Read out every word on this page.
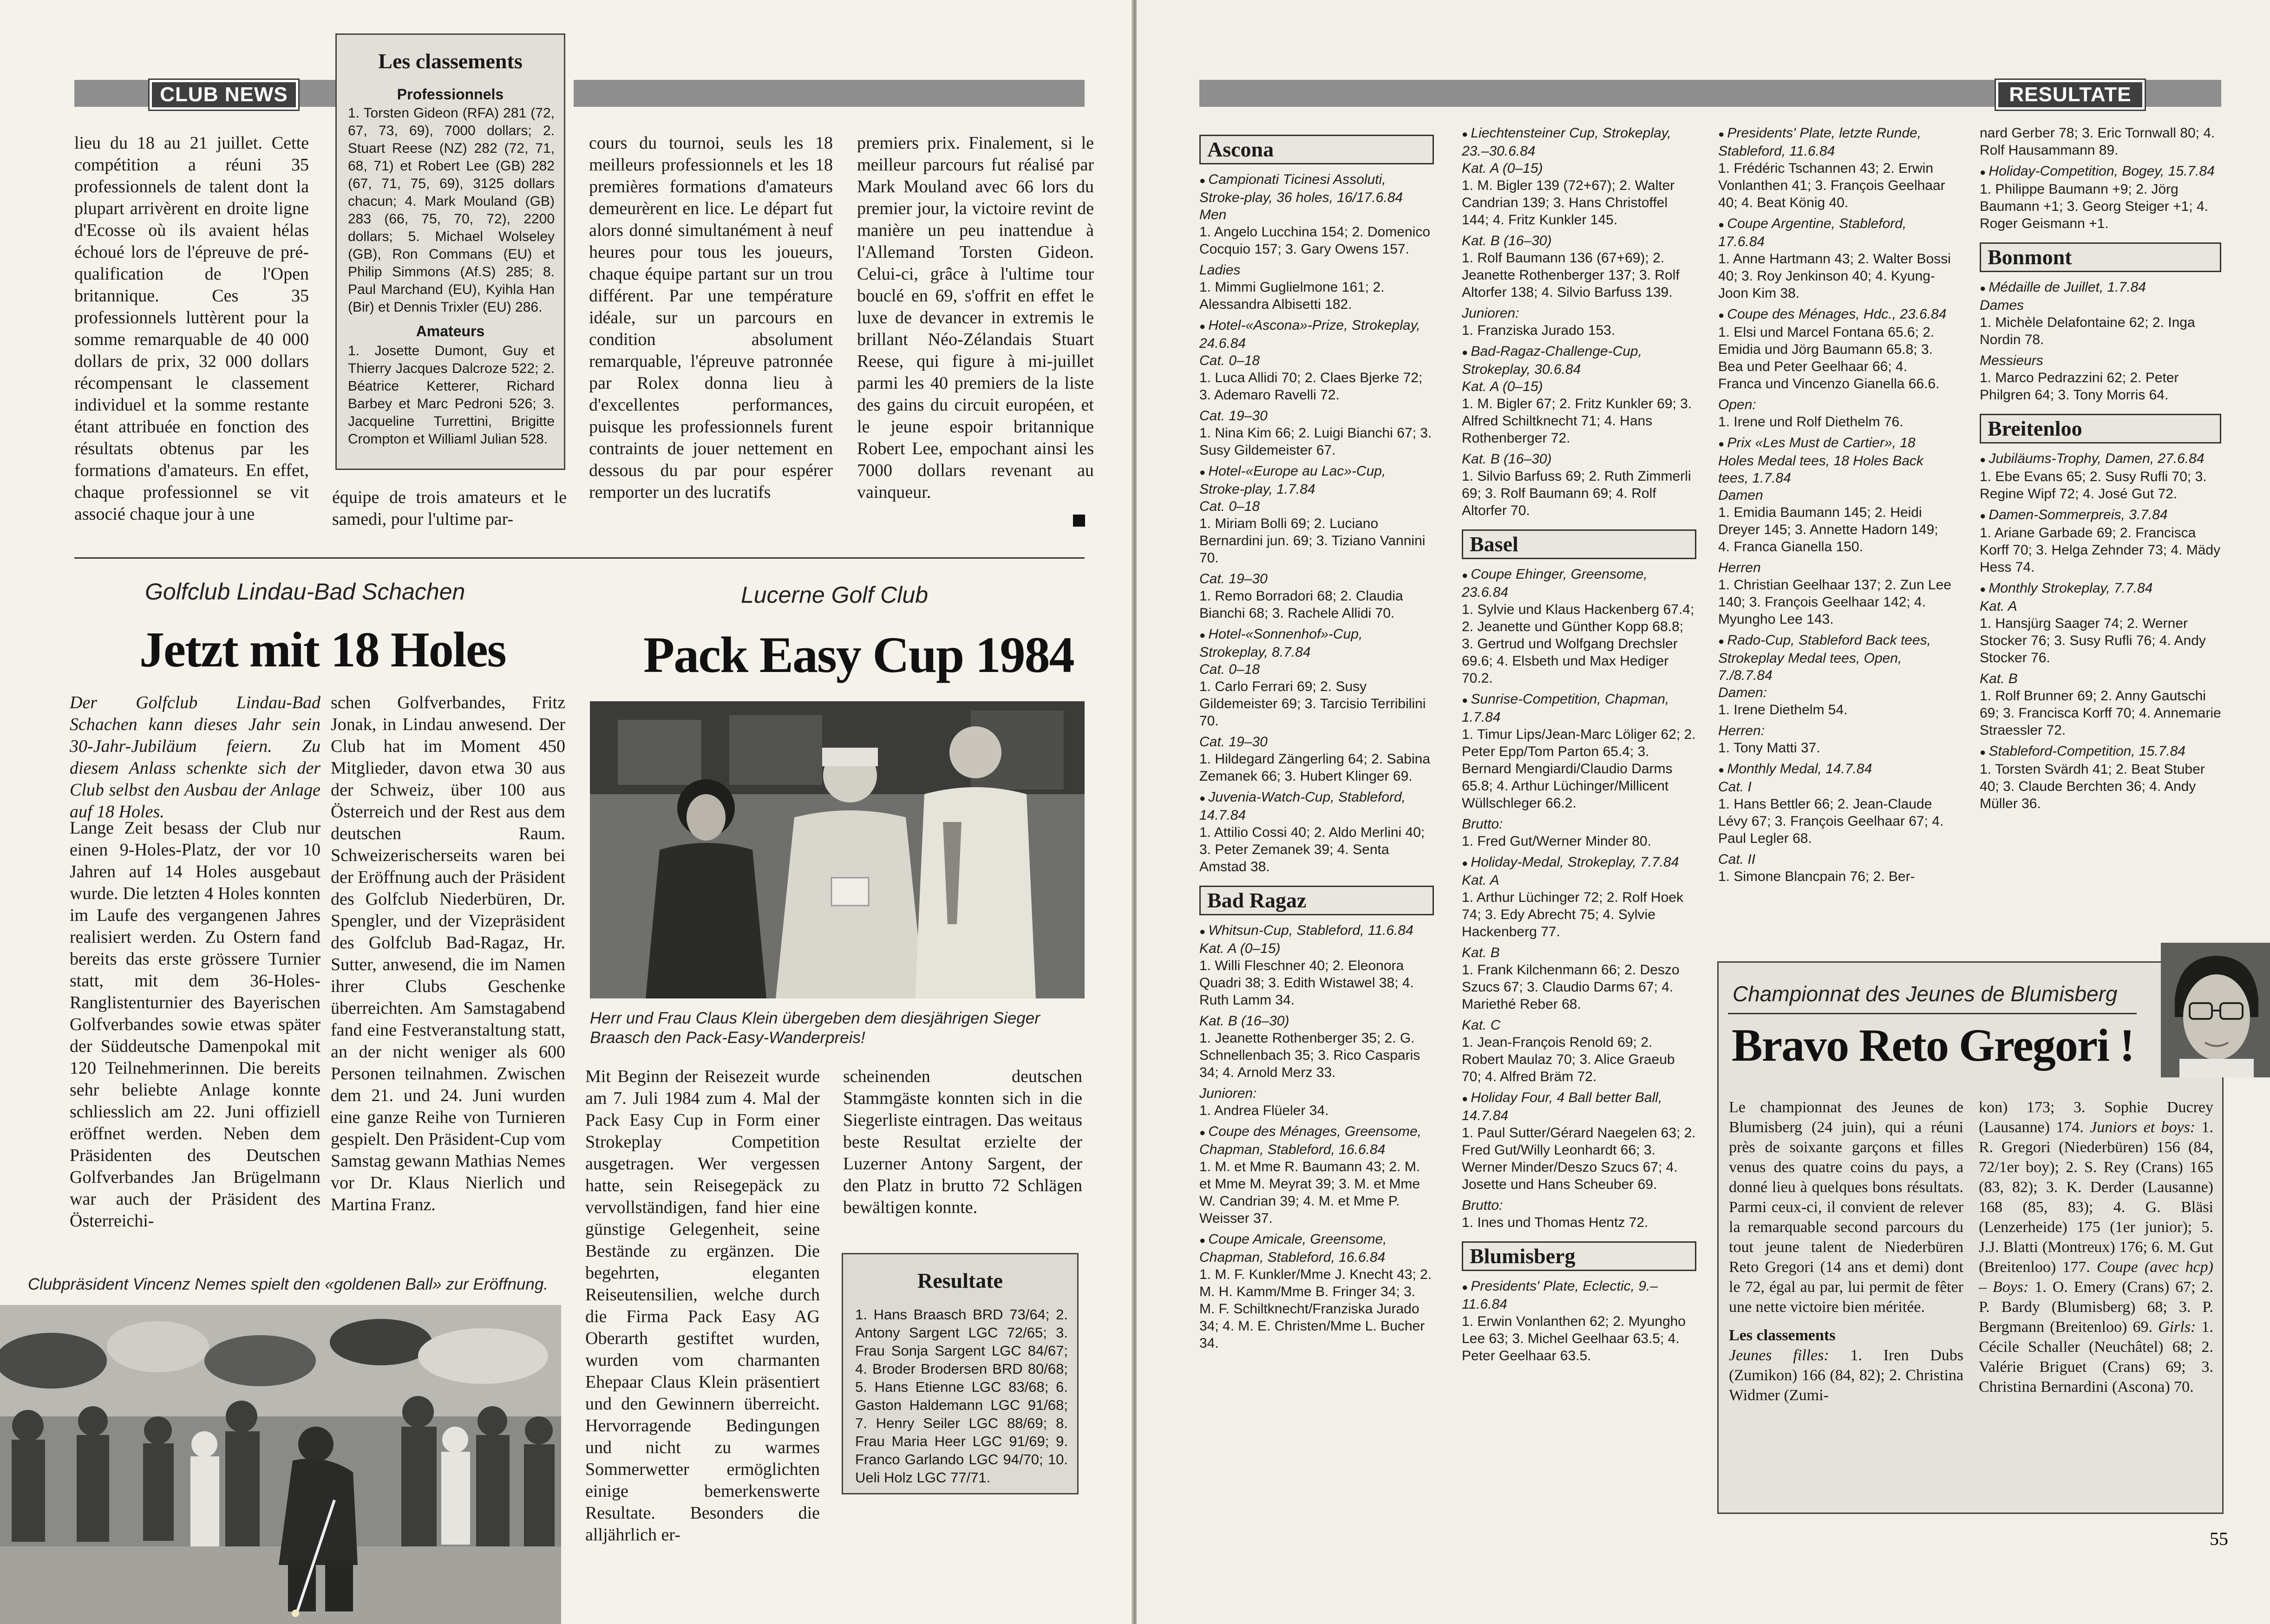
CLUB NEWS

lieu du 18 au 21 juillet. Cette compétition a réuni 35 professionnels de talent dont la plupart arrivèrent en droite ligne d'Ecosse où ils avaient hélas échoué lors de l'épreuve de pré-qualification de l'Open britannique. Ces 35 professionnels luttèrent pour la somme remarquable de 40 000 dollars de prix, 32 000 dollars récompensant le classement individuel et la somme restante étant attribuée en fonction des résultats obtenus par les formations d'amateurs. En effet, chaque professionnel se vit associé chaque jour à une

équipe de trois amateurs et le samedi, pour l'ultime par-

cours du tournoi, seuls les 18 meilleurs professionnels et les 18 premières formations d'amateurs demeurèrent en lice. Le départ fut alors donné simultanément à neuf heures pour tous les joueurs, chaque équipe partant sur un trou différent. Par une température idéale, sur un parcours en condition absolument remarquable, l'épreuve patronnée par Rolex donna lieu à d'excellentes performances, puisque les professionnels furent contraints de jouer nettement en dessous du par pour espérer remporter un des lucratifs

premiers prix. Finalement, si le meilleur parcours fut réalisé par Mark Mouland avec 66 lors du premier jour, la victoire revint de manière un peu inattendue à l'Allemand Torsten Gideon. Celui-ci, grâce à l'ultime tour bouclé en 69, s'offrit en effet le luxe de devancer in extremis le brillant Néo-Zélandais Stuart Reese, qui figure à mi-juillet parmi les 40 premiers de la liste des gains du circuit européen, et le jeune espoir britannique Robert Lee, empochant ainsi les 7000 dollars revenant au vainqueur.

Les classements
Professionnels
1. Torsten Gideon (RFA) 281 (72, 67, 73, 69), 7000 dollars; 2. Stuart Reese (NZ) 282 (72, 71, 68, 71) et Robert Lee (GB) 282 (67, 71, 75, 69), 3125 dollars chacun; 4. Mark Mouland (GB) 283 (66, 75, 70, 72), 2200 dollars; 5. Michael Wolseley (GB), Ron Commans (EU) et Philip Simmons (Af.S) 285; 8. Paul Marchand (EU), Kyihla Han (Bir) et Dennis Trixler (EU) 286.
Amateurs
1. Josette Dumont, Guy et Thierry Jacques Dalcroze 522; 2. Béatrice Ketterer, Richard Barbey et Marc Pedroni 526; 3. Jacqueline Turrettini, Brigitte Crompton et Williaml Julian 528.
Golfclub Lindau-Bad Schachen
Jetzt mit 18 Holes

Der Golfclub Lindau-Bad Schachen kann dieses Jahr sein 30-Jahr-Jubiläum feiern. Zu diesem Anlass schenkte sich der Club selbst den Ausbau der Anlage auf 18 Holes.

Lange Zeit besass der Club nur einen 9-Holes-Platz, der vor 10 Jahren auf 14 Holes ausgebaut wurde. Die letzten 4 Holes konnten im Laufe des vergangenen Jahres realisiert werden. Zu Ostern fand bereits das erste grössere Turnier statt, mit dem 36-Holes-Ranglistenturnier des Bayerischen Golfverbandes sowie etwas später der Süddeutsche Damenpokal mit 120 Teilnehmerinnen. Die bereits sehr beliebte Anlage konnte schliesslich am 22. Juni offiziell eröffnet werden. Neben dem Präsidenten des Deutschen Golfverbandes Jan Brügelmann war auch der Präsident des Österreichi-

schen Golfverbandes, Fritz Jonak, in Lindau anwesend. Der Club hat im Moment 450 Mitglieder, davon etwa 30 aus der Schweiz, über 100 aus Österreich und der Rest aus dem deutschen Raum. Schweizerischerseits waren bei der Eröffnung auch der Präsident des Golfclub Niederbüren, Dr. Spengler, und der Vizepräsident des Golfclub Bad-Ragaz, Hr. Sutter, anwesend, die im Namen ihrer Clubs Geschenke überreichten. Am Samstagabend fand eine Festveranstaltung statt, an der nicht weniger als 600 Personen teilnahmen. Zwischen dem 21. und 24. Juni wurden eine ganze Reihe von Turnieren gespielt. Den Präsident-Cup vom Samstag gewann Mathias Nemes vor Dr. Klaus Nierlich und Martina Franz.

Clubpräsident Vincenz Nemes spielt den «goldenen Ball» zur Eröffnung.
Lucerne Golf Club
Pack Easy Cup 1984
Herr und Frau Claus Klein übergeben dem diesjährigen Sieger Braasch den Pack-Easy-Wanderpreis!

Mit Beginn der Reisezeit wurde am 7. Juli 1984 zum 4. Mal der Pack Easy Cup in Form einer Strokeplay Competition ausgetragen. Wer vergessen hatte, sein Reisegepäck zu vervollständigen, fand hier eine günstige Gelegenheit, seine Bestände zu ergänzen. Die begehrten, eleganten Reiseutensilien, welche durch die Firma Pack Easy AG Oberarth gestiftet wurden, wurden vom charmanten Ehepaar Claus Klein präsentiert und den Gewinnern überreicht. Hervorragende Bedingungen und nicht zu warmes Sommerwetter ermöglichten einige bemerkenswerte Resultate. Besonders die alljährlich er-

scheinenden deutschen Stammgäste konnten sich in die Siegerliste eintragen. Das weitaus beste Resultat erzielte der Luzerner Antony Sargent, der den Platz in brutto 72 Schlägen bewältigen konnte.

Resultate
1. Hans Braasch BRD 73/64; 2. Antony Sargent LGC 72/65; 3. Frau Sonja Sargent LGC 84/67; 4. Broder Brodersen BRD 80/68; 5. Hans Etienne LGC 83/68; 6. Gaston Haldemann LGC 91/68; 7. Henry Seiler LGC 88/69; 8. Frau Maria Heer LGC 91/69; 9. Franco Garlando LGC 94/70; 10. Ueli Holz LGC 77/71.
RESULTATE
Ascona
● Campionati Ticinesi Assoluti, Stroke-play, 36 holes, 16/17.6.84
Men
1. Angelo Lucchina 154; 2. Domenico Cocquio 157; 3. Gary Owens 157.
Ladies
1. Mimmi Guglielmone 161; 2. Alessandra Albisetti 182.
● Hotel-«Ascona»-Prize, Strokeplay, 24.6.84
Cat. 0–18
1. Luca Allidi 70; 2. Claes Bjerke 72; 3. Ademaro Ravelli 72.
Cat. 19–30
1. Nina Kim 66; 2. Luigi Bianchi 67; 3. Susy Gildemeister 67.
● Hotel-«Europe au Lac»-Cup, Stroke-play, 1.7.84
Cat. 0–18
1. Miriam Bolli 69; 2. Luciano Bernardini jun. 69; 3. Tiziano Vannini 70.
Cat. 19–30
1. Remo Borradori 68; 2. Claudia Bianchi 68; 3. Rachele Allidi 70.
● Hotel-«Sonnenhof»-Cup, Strokeplay, 8.7.84
Cat. 0–18
1. Carlo Ferrari 69; 2. Susy Gildemeister 69; 3. Tarcisio Terribilini 70.
Cat. 19–30
1. Hildegard Zängerling 64; 2. Sabina Zemanek 66; 3. Hubert Klinger 69.
● Juvenia-Watch-Cup, Stableford, 14.7.84
1. Attilio Cossi 40; 2. Aldo Merlini 40; 3. Peter Zemanek 39; 4. Senta Amstad 38.
Bad Ragaz
● Whitsun-Cup, Stableford, 11.6.84
Kat. A (0–15)
1. Willi Fleschner 40; 2. Eleonora Quadri 38; 3. Edith Wistawel 38; 4. Ruth Lamm 34.
Kat. B (16–30)
1. Jeanette Rothenberger 35; 2. G. Schnellenbach 35; 3. Rico Casparis 34; 4. Arnold Merz 33.
Junioren:
1. Andrea Flüeler 34.
● Coupe des Ménages, Greensome, Chapman, Stableford, 16.6.84
1. M. et Mme R. Baumann 43; 2. M. et Mme M. Meyrat 39; 3. M. et Mme W. Candrian 39; 4. M. et Mme P. Weisser 37.
● Coupe Amicale, Greensome, Chapman, Stableford, 16.6.84
1. M. F. Kunkler/Mme J. Knecht 43; 2. M. H. Kamm/Mme B. Fringer 34; 3. M. F. Schiltknecht/Franziska Jurado 34; 4. M. E. Christen/Mme L. Bucher 34.
● Liechtensteiner Cup, Strokeplay, 23.–30.6.84
Kat. A (0–15)
1. M. Bigler 139 (72+67); 2. Walter Candrian 139; 3. Hans Christoffel 144; 4. Fritz Kunkler 145.
Kat. B (16–30)
1. Rolf Baumann 136 (67+69); 2. Jeanette Rothenberger 137; 3. Rolf Altorfer 138; 4. Silvio Barfuss 139.
Junioren:
1. Franziska Jurado 153.
● Bad-Ragaz-Challenge-Cup, Strokeplay, 30.6.84
Kat. A (0–15)
1. M. Bigler 67; 2. Fritz Kunkler 69; 3. Alfred Schiltknecht 71; 4. Hans Rothenberger 72.
Kat. B (16–30)
1. Silvio Barfuss 69; 2. Ruth Zimmerli 69; 3. Rolf Baumann 69; 4. Rolf Altorfer 70.
Basel
● Coupe Ehinger, Greensome, 23.6.84
1. Sylvie und Klaus Hackenberg 67.4; 2. Jeanette und Günther Kopp 68.8; 3. Gertrud und Wolfgang Drechsler 69.6; 4. Elsbeth und Max Hediger 70.2.
● Sunrise-Competition, Chapman, 1.7.84
1. Timur Lips/Jean-Marc Löliger 62; 2. Peter Epp/Tom Parton 65.4; 3. Bernard Mengiardi/Claudio Darms 65.8; 4. Arthur Lüchinger/Millicent Wüllschleger 66.2.
Brutto:
1. Fred Gut/Werner Minder 80.
● Holiday-Medal, Strokeplay, 7.7.84
Kat. A
1. Arthur Lüchinger 72; 2. Rolf Hoek 74; 3. Edy Abrecht 75; 4. Sylvie Hackenberg 77.
Kat. B
1. Frank Kilchenmann 66; 2. Deszo Szucs 67; 3. Claudio Darms 67; 4. Mariethé Reber 68.
Kat. C
1. Jean-François Renold 69; 2. Robert Maulaz 70; 3. Alice Graeub 70; 4. Alfred Bräm 72.
● Holiday Four, 4 Ball better Ball, 14.7.84
1. Paul Sutter/Gérard Naegelen 63; 2. Fred Gut/Willy Leonhardt 66; 3. Werner Minder/Deszo Szucs 67; 4. Josette und Hans Scheuber 69.
Brutto:
1. Ines und Thomas Hentz 72.
Blumisberg
● Presidents' Plate, Eclectic, 9.–11.6.84
1. Erwin Vonlanthen 62; 2. Myungho Lee 63; 3. Michel Geelhaar 63.5; 4. Peter Geelhaar 63.5.
● Presidents' Plate, letzte Runde, Stableford, 11.6.84
1. Frédéric Tschannen 43; 2. Erwin Vonlanthen 41; 3. François Geelhaar 40; 4. Beat König 40.
● Coupe Argentine, Stableford, 17.6.84
1. Anne Hartmann 43; 2. Walter Bossi 40; 3. Roy Jenkinson 40; 4. Kyung-Joon Kim 38.
● Coupe des Ménages, Hdc., 23.6.84
1. Elsi und Marcel Fontana 65.6; 2. Emidia und Jörg Baumann 65.8; 3. Bea und Peter Geelhaar 66; 4. Franca und Vincenzo Gianella 66.6.
Open:
1. Irene und Rolf Diethelm 76.
● Prix «Les Must de Cartier», 18 Holes Medal tees, 18 Holes Back tees, 1.7.84
Damen
1. Emidia Baumann 145; 2. Heidi Dreyer 145; 3. Annette Hadorn 149; 4. Franca Gianella 150.
Herren
1. Christian Geelhaar 137; 2. Zun Lee 140; 3. François Geelhaar 142; 4. Myungho Lee 143.
● Rado-Cup, Stableford Back tees, Strokeplay Medal tees, Open, 7./8.7.84
Damen:
1. Irene Diethelm 54.
Herren:
1. Tony Matti 37.
● Monthly Medal, 14.7.84
Cat. I
1. Hans Bettler 66; 2. Jean-Claude Lévy 67; 3. François Geelhaar 67; 4. Paul Legler 68.
Cat. II
1. Simone Blancpain 76; 2. Ber-
nard Gerber 78; 3. Eric Tornwall 80; 4. Rolf Hausammann 89.
● Holiday-Competition, Bogey, 15.7.84
1. Philippe Baumann +9; 2. Jörg Baumann +1; 3. Georg Steiger +1; 4. Roger Geismann +1.
Bonmont
● Médaille de Juillet, 1.7.84
Dames
1. Michèle Delafontaine 62; 2. Inga Nordin 78.
Messieurs
1. Marco Pedrazzini 62; 2. Peter Philgren 64; 3. Tony Morris 64.
Breitenloo
● Jubiläums-Trophy, Damen, 27.6.84
1. Ebe Evans 65; 2. Susy Rufli 70; 3. Regine Wipf 72; 4. José Gut 72.
● Damen-Sommerpreis, 3.7.84
1. Ariane Garbade 69; 2. Francisca Korff 70; 3. Helga Zehnder 73; 4. Mädy Hess 74.
● Monthly Strokeplay, 7.7.84
Kat. A
1. Hansjürg Saager 74; 2. Werner Stocker 76; 3. Susy Rufli 76; 4. Andy Stocker 76.
Kat. B
1. Rolf Brunner 69; 2. Anny Gautschi 69; 3. Francisca Korff 70; 4. Annemarie Straessler 72.
● Stableford-Competition, 15.7.84
1. Torsten Svärdh 41; 2. Beat Stuber 40; 3. Claude Berchten 36; 4. Andy Müller 36.
Championnat des Jeunes de Blumisberg
Bravo Reto Gregori !
Le championnat des Jeunes de Blumisberg (24 juin), qui a réuni près de soixante garçons et filles venus des quatre coins du pays, a donné lieu à quelques bons résultats. Parmi ceux-ci, il convient de relever la remarquable second parcours du tout jeune talent de Niederbüren Reto Gregori (14 ans et demi) dont le 72, égal au par, lui permit de fêter une nette victoire bien méritée.
Les classements
Jeunes filles: 1. Iren Dubs (Zumikon) 166 (84, 82); 2. Christina Widmer (Zumi-
kon) 173; 3. Sophie Ducrey (Lausanne) 174. Juniors et boys: 1. R. Gregori (Niederbüren) 156 (84, 72/1er boy); 2. S. Rey (Crans) 165 (83, 82); 3. K. Derder (Lausanne) 168 (85, 83); 4. G. Bläsi (Lenzerheide) 175 (1er junior); 5. J.J. Blatti (Montreux) 176; 6. M. Gut (Breitenloo) 177. Coupe (avec hcp) – Boys: 1. O. Emery (Crans) 67; 2. P. Bardy (Blumisberg) 68; 3. P. Bergmann (Breitenloo) 69. Girls: 1. Cécile Schaller (Neuchâtel) 68; 2. Valérie Briguet (Crans) 69; 3. Christina Bernardini (Ascona) 70.
55
